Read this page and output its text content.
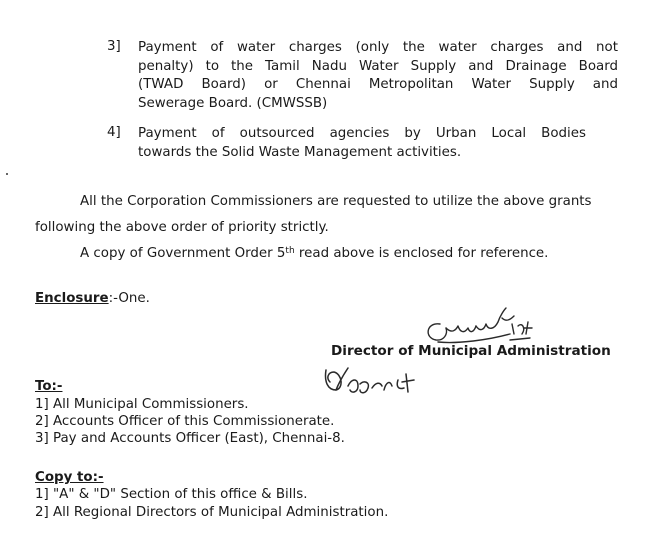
3] Payment of water charges (only the water charges and not
penalty) to the Tamil Nadu Water Supply and Drainage Board
(TWAD Board) or Chennai Metropolitan Water Supply and
Sewerage Board. (CMWSSB)
4] Payment of outsourced agencies by Urban Local Bodies
towards the Solid Waste Management activities.
All the Corporation Commissioners are requested to utilize the above grants
following the above order of priority strictly.
A copy of Government Order 5th read above is enclosed for reference.
Enclosure:-One.
Director of Municipal Administration
To:-
1] All Municipal Commissioners.
2] Accounts Officer of this Commissionerate.
3] Pay and Accounts Officer (East), Chennai-8.
Copy to:-
1] "A" & "D" Section of this office & Bills.
2] All Regional Directors of Municipal Administration.
